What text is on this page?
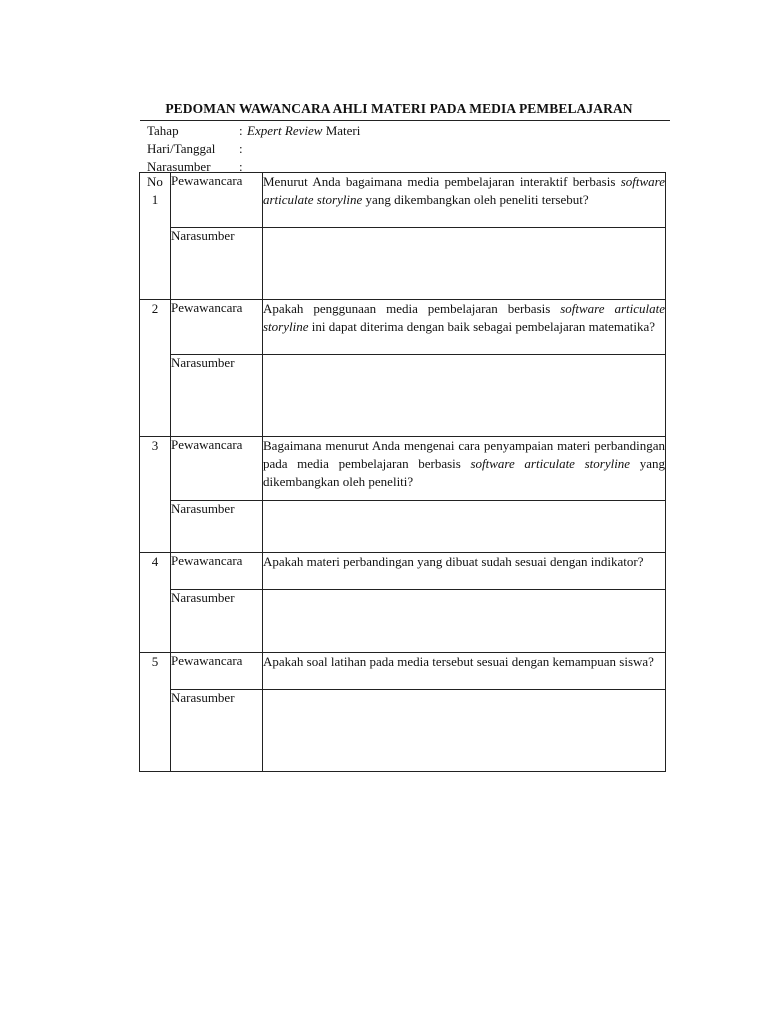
PEDOMAN WAWANCARA AHLI MATERI PADA MEDIA PEMBELAJARAN
Tahap	: Expert Review Materi
Hari/Tanggal :
Narasumber :
No
1	Pewawancara	Menurut Anda bagaimana media pembelajaran interaktif berbasis software articulate storyline yang dikembangkan oleh peneliti tersebut?
	Narasumber	

2	Pewawancara	Apakah penggunaan media pembelajaran berbasis software articulate storyline ini dapat diterima dengan baik sebagai pembelajaran matematika?
	Narasumber	

3	Pewawancara	Bagaimana menurut Anda mengenai cara penyampaian materi perbandingan pada media pembelajaran berbasis software articulate storyline yang dikembangkan oleh peneliti?
	Narasumber	

4	Pewawancara	Apakah materi perbandingan yang dibuat sudah sesuai dengan indikator?
	Narasumber	

5	Pewawancara	Apakah soal latihan pada media tersebut sesuai dengan kemampuan siswa?
	Narasumber	
